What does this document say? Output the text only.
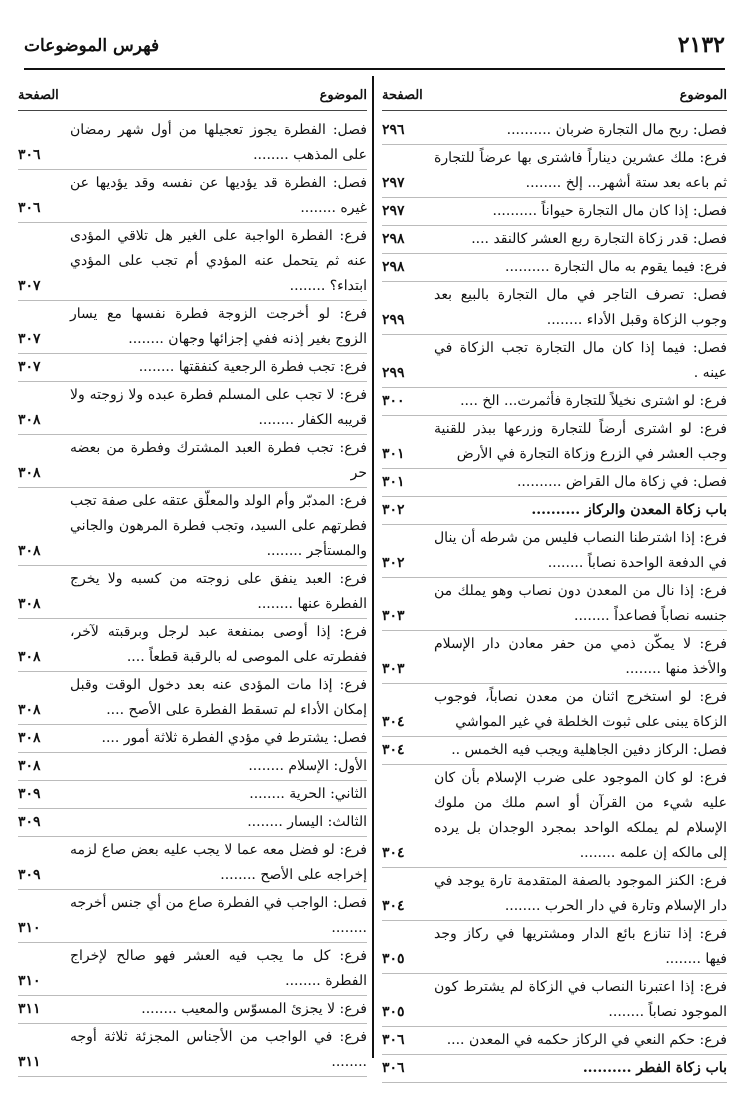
٢١٣٢
فهرس الموضوعات
الموضوع
الصفحة
فصل: ربح مال التجارة ضربان ..........
٢٩٦
فرع: ملك عشرين ديناراً فاشترى بها عرضاً للتجارة ثم باعه بعد ستة أشهر... إلخ ........
٢٩٧
فصل: إذا كان مال التجارة حيواناً ..........
٢٩٧
فصل: قدر زكاة التجارة ربع العشر كالنقد ....
٢٩٨
فرع: فيما يقوم به مال التجارة ..........
٢٩٨
فصل: تصرف التاجر في مال التجارة بالبيع بعد وجوب الزكاة وقبل الأداء ........
٢٩٩
فصل: فيما إذا كان مال التجارة تجب الزكاة في عينه .
٢٩٩
فرع: لو اشترى نخيلاً للتجارة فأثمرت... الخ ....
٣٠٠
فرع: لو اشترى أرضاً للتجارة وزرعها ببذر للقنية وجب العشر في الزرع وزكاة التجارة في الأرض
٣٠١
فصل: في زكاة مال القراض ..........
٣٠١
باب زكاة المعدن والركاز ..........
٣٠٢
فرع: إذا اشترطنا النصاب فليس من شرطه أن ينال في الدفعة الواحدة نصاباً ........
٣٠٢
فرع: إذا نال من المعدن دون نصاب وهو يملك من جنسه نصاباً فصاعداً ........
٣٠٣
فرع: لا يمكّن ذمي من حفر معادن دار الإسلام والأخذ منها ........
٣٠٣
فرع: لو استخرج اثنان من معدن نصاباً، فوجوب الزكاة يبنى على ثبوت الخلطة في غير المواشي
٣٠٤
فصل: الركاز دفين الجاهلية ويجب فيه الخمس ..
٣٠٤
فرع: لو كان الموجود على ضرب الإسلام بأن كان عليه شيء من القرآن أو اسم ملك من ملوك الإسلام لم يملكه الواحد بمجرد الوجدان بل يرده إلى مالكه إن علمه ........
٣٠٤
فرع: الكنز الموجود بالصفة المتقدمة تارة يوجد في دار الإسلام وتارة في دار الحرب ........
٣٠٤
فرع: إذا تنازع بائع الدار ومشتريها في ركاز وجد فيها ........
٣٠٥
فرع: إذا اعتبرنا النصاب في الزكاة لم يشترط كون الموجود نصاباً ........
٣٠٥
فرع: حكم النعي في الركاز حكمه في المعدن ....
٣٠٦
باب زكاة الفطر ..........
٣٠٦
الموضوع
الصفحة
فصل: الفطرة يجوز تعجيلها من أول شهر رمضان على المذهب ........
٣٠٦
فصل: الفطرة قد يؤديها عن نفسه وقد يؤديها عن غيره ........
٣٠٦
فرع: الفطرة الواجبة على الغير هل تلاقي المؤدى عنه ثم يتحمل عنه المؤدي أم تجب على المؤدي ابتداء؟ ........
٣٠٧
فرع: لو أخرجت الزوجة فطرة نفسها مع يسار الزوج بغير إذنه ففي إجزائها وجهان ........
٣٠٧
فرع: تجب فطرة الرجعية كنفقتها ........
٣٠٧
فرع: لا تجب على المسلم فطرة عبده ولا زوجته ولا قريبه الكفار ........
٣٠٨
فرع: تجب فطرة العبد المشترك وفطرة من بعضه حر
٣٠٨
فرع: المدبّر وأم الولد والمعلّق عتقه على صفة تجب فطرتهم على السيد، وتجب فطرة المرهون والجاني والمستأجر ........
٣٠٨
فرع: العبد ينفق على زوجته من كسبه ولا يخرج الفطرة عنها ........
٣٠٨
فرع: إذا أوصى بمنفعة عبد لرجل وبرقبته لآخر، ففطرته على الموصى له بالرقبة قطعاً ....
٣٠٨
فرع: إذا مات المؤدى عنه بعد دخول الوقت وقبل إمكان الأداء لم تسقط الفطرة على الأصح ....
٣٠٨
فصل: يشترط في مؤدي الفطرة ثلاثة أمور ....
٣٠٨
الأول: الإسلام ........
٣٠٨
الثاني: الحرية ........
٣٠٩
الثالث: اليسار ........
٣٠٩
فرع: لو فضل معه عما لا يجب عليه بعض صاع لزمه إخراجه على الأصح ........
٣٠٩
فصل: الواجب في الفطرة صاع من أي جنس أخرجه ........
٣١٠
فرع: كل ما يجب فيه العشر فهو صالح لإخراج الفطرة ........
٣١٠
فرع: لا يجزئ المسوّس والمعيب ........
٣١١
فرع: في الواجب من الأجناس المجزئة ثلاثة أوجه ........
٣١١
